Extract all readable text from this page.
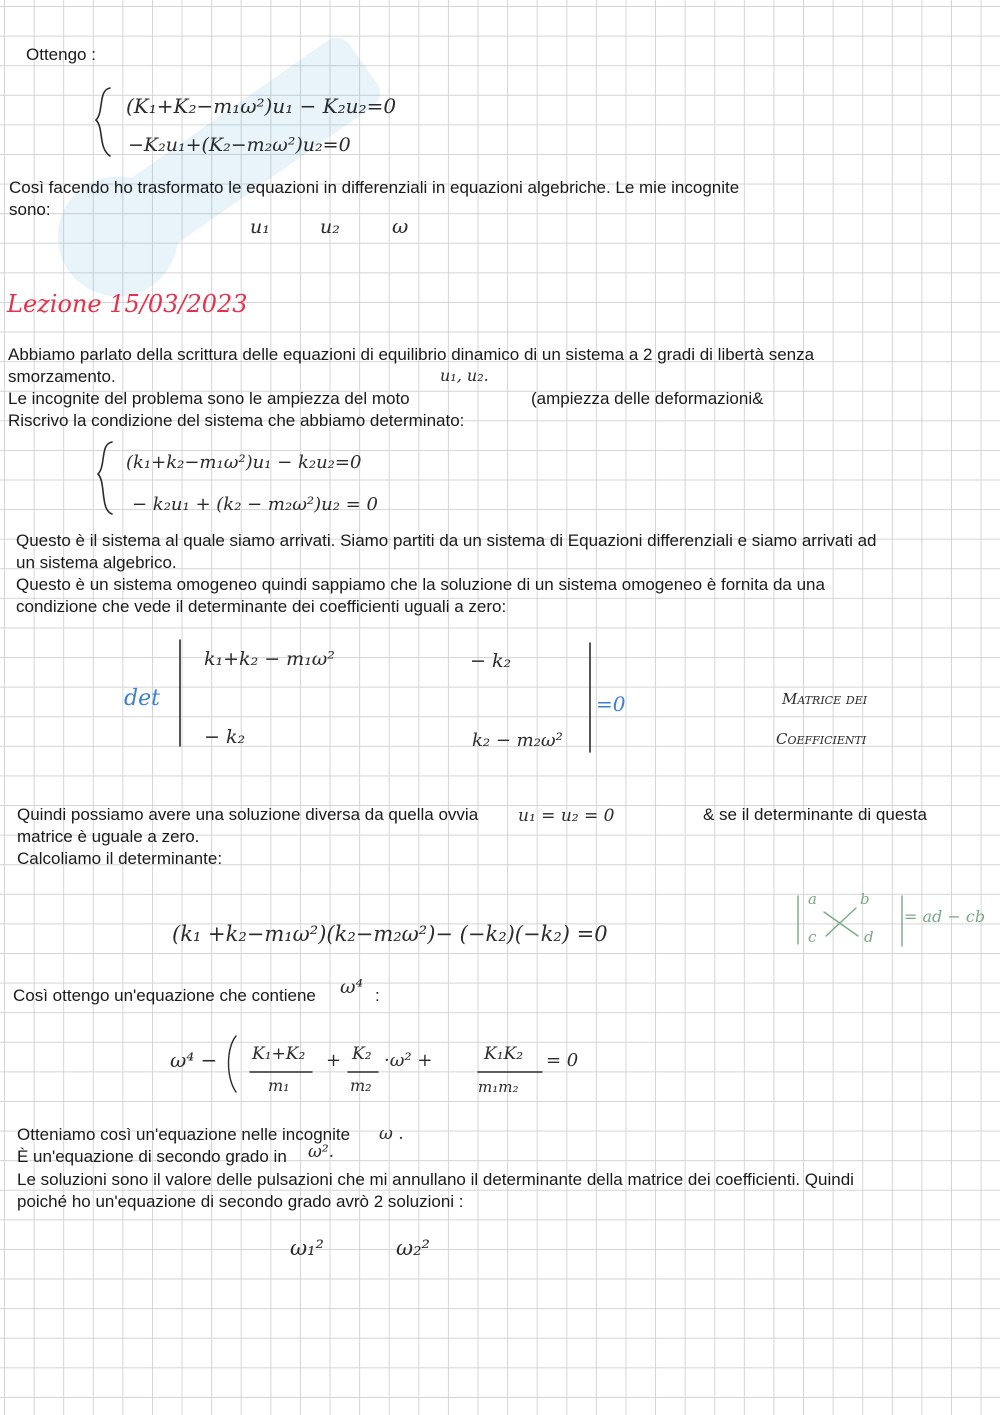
Ottengo :
(K₁+K₂−m₁ω²)u₁ − K₂u₂=0
−K₂u₁+(K₂−m₂ω²)u₂=0
Così facendo ho trasformato le equazioni in differenziali in equazioni algebriche. Le mie incognite
sono:
u₁	u₂	ω
Lezione 15/03/2023
Abbiamo parlato della scrittura delle equazioni di equilibrio dinamico di un sistema a 2 gradi di libertà senza
smorzamento.	u₁, u₂.
Le incognite del problema sono le ampiezza del moto	(ampiezza delle deformazioni&
Riscrivo la condizione del sistema che abbiamo determinato:
(k₁+k₂−m₁ω²)u₁ − k₂u₂=0
− k₂u₁ + (k₂ − m₂ω²)u₂ = 0
Questo è il sistema al quale siamo arrivati. Siamo partiti da un sistema di Equazioni differenziali e siamo arrivati ad
un sistema algebrico.
Questo è un sistema omogeneo quindi sappiamo che la soluzione di un sistema omogeneo è fornita da una
condizione che vede il determinante dei coefficienti uguali a zero:
det
k₁+k₂ − m₁ω²	− k₂
− k₂	k₂ − m₂ω²
=0	Matrice dei
Coefficienti
Quindi possiamo avere una soluzione diversa da quella ovvia u₁ = u₂ = 0	& se il determinante di questa
matrice è uguale a zero.
Calcoliamo il determinante:
(k₁ +k₂−m₁ω²)(k₂−m₂ω²)− (−k₂)(−k₂) =0
a	b
c	d
= ad − cb
Così ottengo un'equazione che contiene ω⁴ :
ω⁴ − K₁+K₂
m₁
+ K₂
m₂
·ω² +	K₁K₂
m₁m₂
= 0
Otteniamo così un'equazione nelle incognite ω .
È un'equazione di secondo grado in ω².
Le soluzioni sono il valore delle pulsazioni che mi annullano il determinante della matrice dei coefficienti. Quindi
poiché ho un'equazione di secondo grado avrò 2 soluzioni :
ω₁²	ω₂²
